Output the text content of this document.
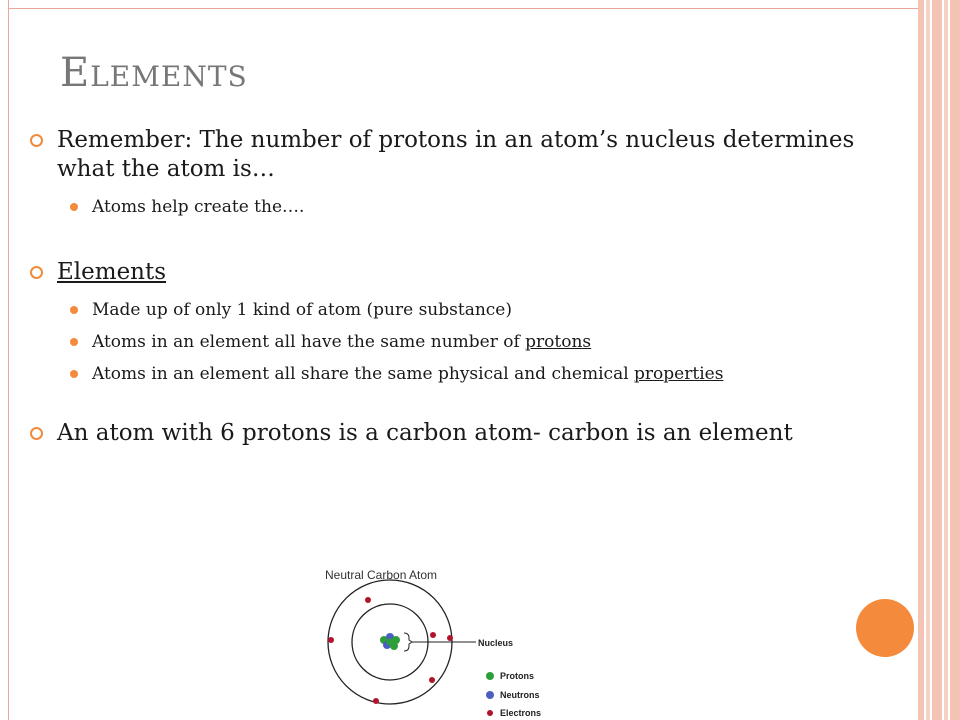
Elements
Remember: The number of protons in an atom’s nucleus determines what the atom is…
Atoms help create the….
Elements
Made up of only 1 kind of atom (pure substance)
Atoms in an element all have the same number of protons
Atoms in an element all share the same physical and chemical properties
An atom with 6 protons is a carbon atom- carbon is an element
Neutral Carbon Atom
Nucleus
Protons
Neutrons
Electrons
